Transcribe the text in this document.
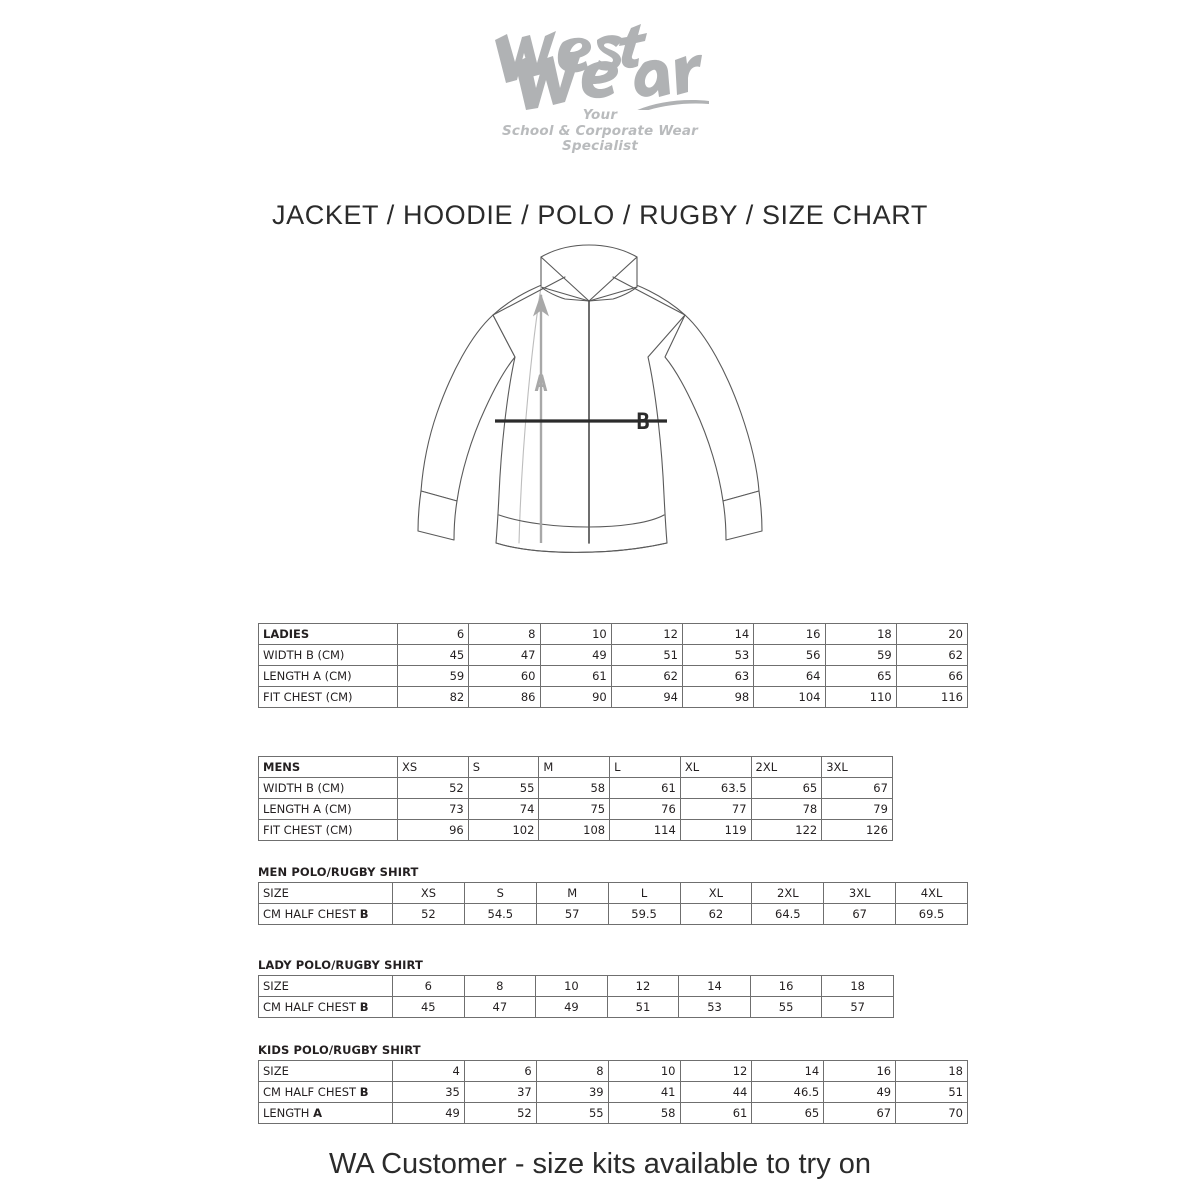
Your
School & Corporate Wear
Specialist
JACKET / HOODIE / POLO / RUGBY / SIZE CHART
A
B
LADIES	6	8	10	12	14	16	18	20
WIDTH B (CM)	45	47	49	51	53	56	59	62
LENGTH A (CM)	59	60	61	62	63	64	65	66
FIT CHEST (CM)	82	86	90	94	98	104	110	116
MENS	XS	S	M	L	XL	2XL	3XL
WIDTH B (CM)	52	55	58	61	63.5	65	67
LENGTH A (CM)	73	74	75	76	77	78	79
FIT CHEST (CM)	96	102	108	114	119	122	126
MEN POLO/RUGBY SHIRT
SIZE	XS	S	M	L	XL	2XL	3XL	4XL
CM HALF CHEST B	52	54.5	57	59.5	62	64.5	67	69.5
LADY POLO/RUGBY SHIRT
SIZE	6	8	10	12	14	16	18
CM HALF CHEST B	45	47	49	51	53	55	57
KIDS POLO/RUGBY SHIRT
SIZE	4	6	8	10	12	14	16	18
CM HALF CHEST B	35	37	39	41	44	46.5	49	51
LENGTH A	49	52	55	58	61	65	67	70
WA Customer - size kits available to try on
